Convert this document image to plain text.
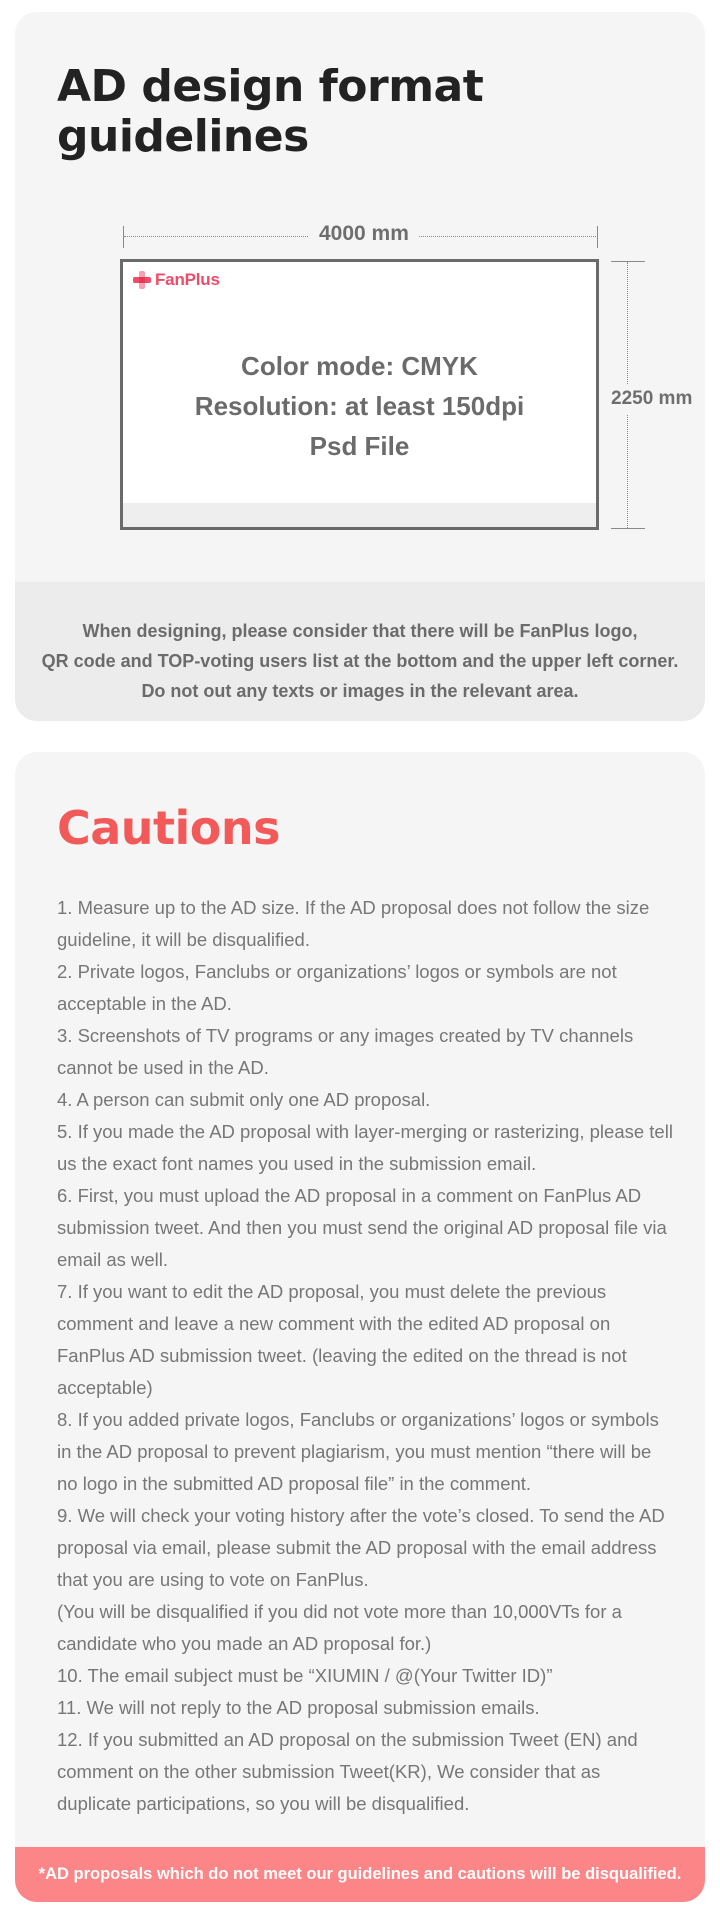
AD design format guidelines
4000 mm
2250 mm
FanPlus
Color mode: CMYK
Resolution: at least 150dpi
Psd File
When designing, please consider that there will be FanPlus logo,
QR code and TOP-voting users list at the bottom and the upper left corner.
Do not out any texts or images in the relevant area.
Cautions

1. Measure up to the AD size. If the AD proposal does not follow the size guideline, it will be disqualified.

2. Private logos, Fanclubs or organizations’ logos or symbols are not acceptable in the AD.

3. Screenshots of TV programs or any images created by TV channels cannot be used in the AD.

4. A person can submit only one AD proposal.

5. If you made the AD proposal with layer-merging or rasterizing, please tell us the exact font names you used in the submission email.

6. First, you must upload the AD proposal in a comment on FanPlus AD submission tweet. And then you must send the original AD proposal file via email as well.

7. If you want to edit the AD proposal, you must delete the previous comment and leave a new comment with the edited AD proposal on FanPlus AD submission tweet. (leaving the edited on the thread is not acceptable)

8. If you added private logos, Fanclubs or organizations’ logos or symbols in the AD proposal to prevent plagiarism, you must mention “there will be no logo in the submitted AD proposal file” in the comment.

9. We will check your voting history after the vote’s closed. To send the AD proposal via email, please submit the AD proposal with the email address that you are using to vote on FanPlus.

(You will be disqualified if you did not vote more than 10,000VTs for a candidate who you made an AD proposal for.)

10. The email subject must be “XIUMIN / @(Your Twitter ID)”

11. We will not reply to the AD proposal submission emails.

12. If you submitted an AD proposal on the submission Tweet (EN) and comment on the other submission Tweet(KR), We consider that as duplicate participations, so you will be disqualified.

*AD proposals which do not meet our guidelines and cautions will be disqualified.
